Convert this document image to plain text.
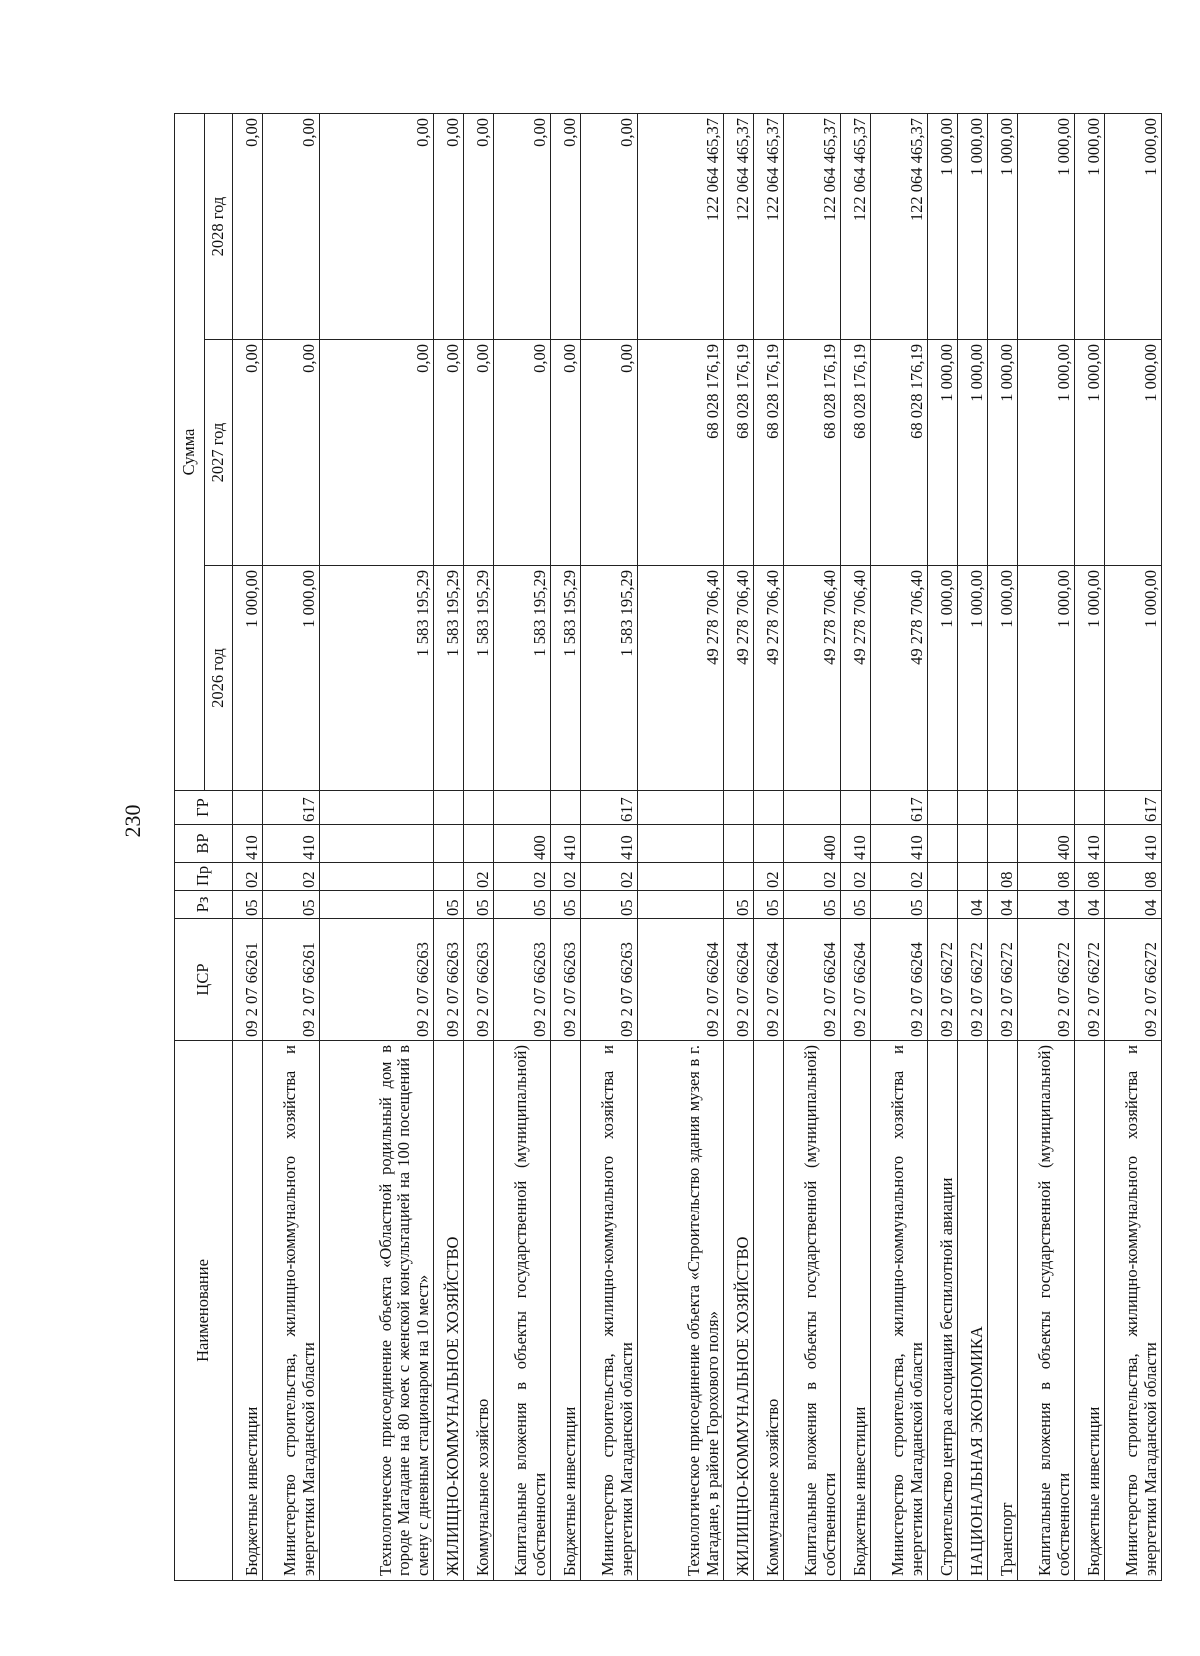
230
Наименование	ЦСР	Рз	Пр	ВР	ГР	Сумма		
						2026 год	2027 год	2028 год
Бюджетные инвестиции	09 2 07 66261	05	02	410		1 000,00	0,00	0,00
Министерство строительства, жилищно-коммунального хозяйства и энергетики Магаданской области	09 2 07 66261	05	02	410	617	1 000,00	0,00	0,00
Технологическое присоединение объекта «Областной родильный дом в городе Магадане на 80 коек с женской консультацией на 100 посещений в смену с дневным стационаром на 10 мест»	09 2 07 66263					1 583 195,29	0,00	0,00
ЖИЛИЩНО-КОММУНАЛЬНОЕ ХОЗЯЙСТВО	09 2 07 66263	05				1 583 195,29	0,00	0,00
Коммунальное хозяйство	09 2 07 66263	05	02			1 583 195,29	0,00	0,00
Капитальные вложения в объекты государственной (муниципальной) собственности	09 2 07 66263	05	02	400		1 583 195,29	0,00	0,00
Бюджетные инвестиции	09 2 07 66263	05	02	410		1 583 195,29	0,00	0,00
Министерство строительства, жилищно-коммунального хозяйства и энергетики Магаданской области	09 2 07 66263	05	02	410	617	1 583 195,29	0,00	0,00
Технологическое присоединение объекта «Строительство здания музея в г. Магадане, в районе Горохового поля»	09 2 07 66264					49 278 706,40	68 028 176,19	122 064 465,37
ЖИЛИЩНО-КОММУНАЛЬНОЕ ХОЗЯЙСТВО	09 2 07 66264	05				49 278 706,40	68 028 176,19	122 064 465,37
Коммунальное хозяйство	09 2 07 66264	05	02			49 278 706,40	68 028 176,19	122 064 465,37
Капитальные вложения в объекты государственной (муниципальной) собственности	09 2 07 66264	05	02	400		49 278 706,40	68 028 176,19	122 064 465,37
Бюджетные инвестиции	09 2 07 66264	05	02	410		49 278 706,40	68 028 176,19	122 064 465,37
Министерство строительства, жилищно-коммунального хозяйства и энергетики Магаданской области	09 2 07 66264	05	02	410	617	49 278 706,40	68 028 176,19	122 064 465,37
Строительство центра ассоциации беспилотной авиации	09 2 07 66272					1 000,00	1 000,00	1 000,00
НАЦИОНАЛЬНАЯ ЭКОНОМИКА	09 2 07 66272	04				1 000,00	1 000,00	1 000,00
Транспорт	09 2 07 66272	04	08			1 000,00	1 000,00	1 000,00
Капитальные вложения в объекты государственной (муниципальной) собственности	09 2 07 66272	04	08	400		1 000,00	1 000,00	1 000,00
Бюджетные инвестиции	09 2 07 66272	04	08	410		1 000,00	1 000,00	1 000,00
Министерство строительства, жилищно-коммунального хозяйства и энергетики Магаданской области	09 2 07 66272	04	08	410	617	1 000,00	1 000,00	1 000,00
